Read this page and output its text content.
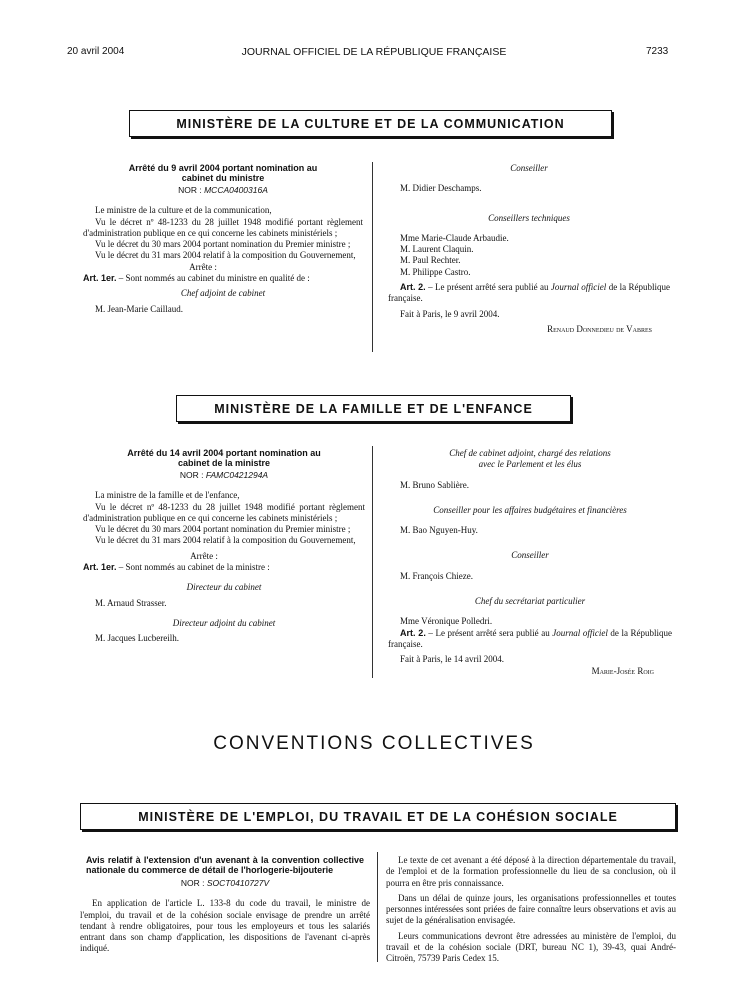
20 avril 2004	JOURNAL OFFICIEL DE LA RÉPUBLIQUE FRANÇAISE	7233
MINISTÈRE DE LA CULTURE ET DE LA COMMUNICATION
Arrêté du 9 avril 2004 portant nomination au cabinet du ministre
NOR : MCCA0400316A

Le ministre de la culture et de la communication,

Vu le décret nº 48-1233 du 28 juillet 1948 modifié portant règlement d'administration publique en ce qui concerne les cabinets ministériels ;

Vu le décret du 30 mars 2004 portant nomination du Premier ministre ;

Vu le décret du 31 mars 2004 relatif à la composition du Gouvernement,

Arrête :

Art. 1er. – Sont nommés au cabinet du ministre en qualité de :

Chef adjoint de cabinet

M. Jean-Marie Caillaud.

Conseiller

M. Didier Deschamps.

Conseillers techniques

Mme Marie-Claude Arbaudie.

M. Laurent Claquin.

M. Paul Rechter.

M. Philippe Castro.

Art. 2. – Le présent arrêté sera publié au Journal officiel de la République française.

Fait à Paris, le 9 avril 2004.

Renaud Donnedieu de Vabres

MINISTÈRE DE LA FAMILLE ET DE L'ENFANCE
Arrêté du 14 avril 2004 portant nomination au cabinet de la ministre
NOR : FAMC0421294A

La ministre de la famille et de l'enfance,

Vu le décret nº 48-1233 du 28 juillet 1948 modifié portant règlement d'administration publique en ce qui concerne les cabinets ministériels ;

Vu le décret du 30 mars 2004 portant nomination du Premier ministre ;

Vu le décret du 31 mars 2004 relatif à la composition du Gouvernement,

Arrête :

Art. 1er. – Sont nommés au cabinet de la ministre :

Directeur du cabinet

M. Arnaud Strasser.

Directeur adjoint du cabinet

M. Jacques Lucbereilh.

Chef de cabinet adjoint, chargé des relations

avec le Parlement et les élus

M. Bruno Sablière.

Conseiller pour les affaires budgétaires et financières

M. Bao Nguyen-Huy.

Conseiller

M. François Chieze.

Chef du secrétariat particulier

Mme Véronique Polledri.

Art. 2. – Le présent arrêté sera publié au Journal officiel de la République française.

Fait à Paris, le 14 avril 2004.

Marie-Josée Roig

CONVENTIONS COLLECTIVES
MINISTÈRE DE L'EMPLOI, DU TRAVAIL ET DE LA COHÉSION SOCIALE
Avis relatif à l'extension d'un avenant à la convention collective nationale du commerce de détail de l'horlogerie-bijouterie
NOR : SOCT0410727V

En application de l'article L. 133-8 du code du travail, le ministre de l'emploi, du travail et de la cohésion sociale envisage de prendre un arrêté tendant à rendre obligatoires, pour tous les employeurs et tous les salariés entrant dans son champ d'application, les dispositions de l'avenant ci-après indiqué.

Le texte de cet avenant a été déposé à la direction départementale du travail, de l'emploi et de la formation professionnelle du lieu de sa conclusion, où il pourra en être pris connaissance.

Dans un délai de quinze jours, les organisations professionnelles et toutes personnes intéressées sont priées de faire connaître leurs observations et avis au sujet de la généralisation envisagée.

Leurs communications devront être adressées au ministère de l'emploi, du travail et de la cohésion sociale (DRT, bureau NC 1), 39-43, quai André-Citroën, 75739 Paris Cedex 15.
